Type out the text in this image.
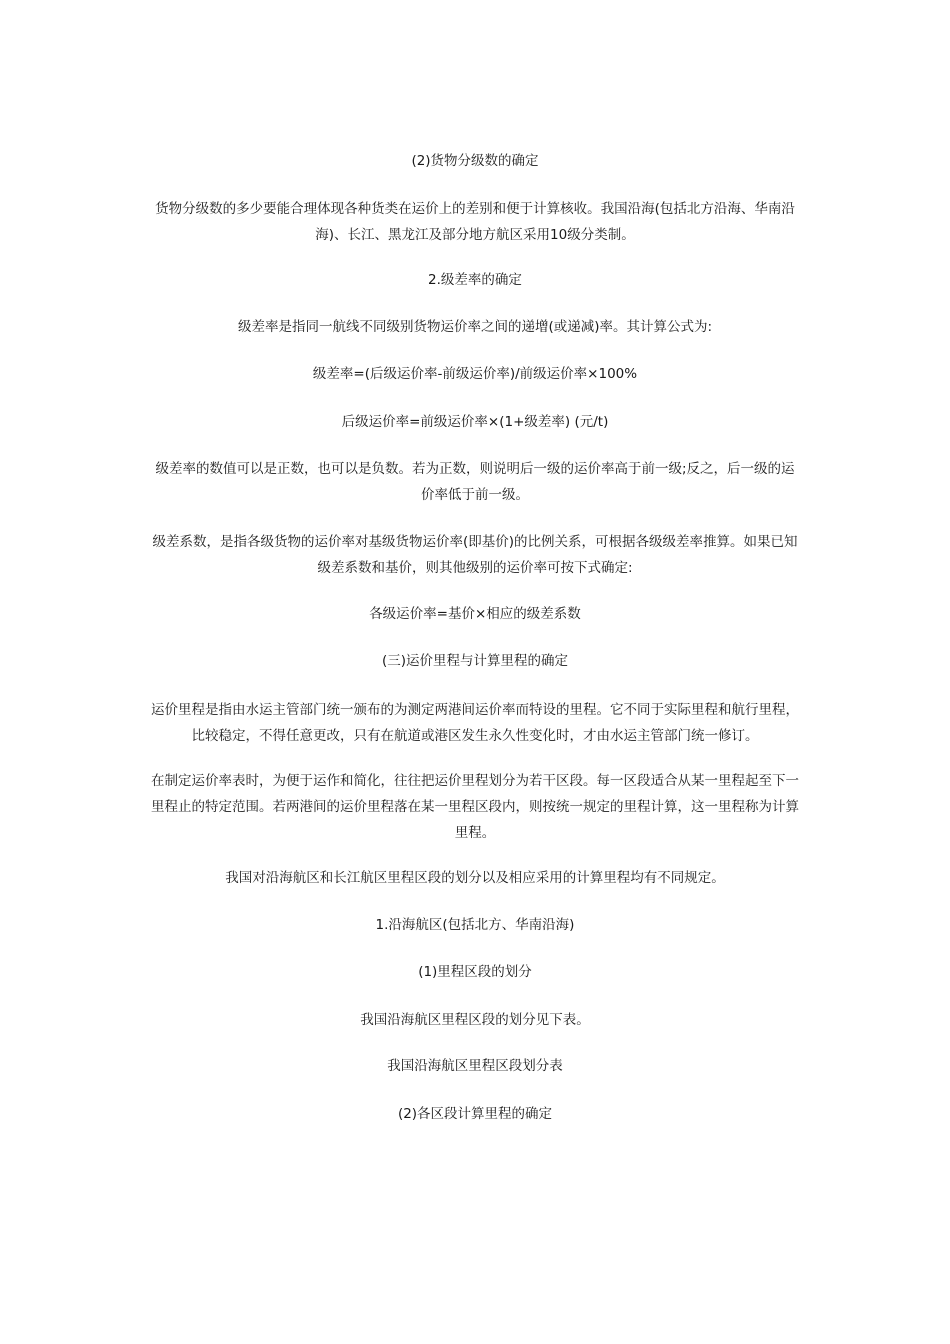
(2)货物分级数的确定

货物分级数的多少要能合理体现各种货类在运价上的差别和便于计算核收。我国沿海(包括北方沿海、华南沿海)、长江、黑龙江及部分地方航区采用10级分类制。

2.级差率的确定

级差率是指同一航线不同级别货物运价率之间的递增(或递减)率。其计算公式为:

级差率=(后级运价率-前级运价率)/前级运价率×100%

后级运价率=前级运价率×(1+级差率) (元/t)

级差率的数值可以是正数，也可以是负数。若为正数，则说明后一级的运价率高于前一级;反之，后一级的运价率低于前一级。

级差系数，是指各级货物的运价率对基级货物运价率(即基价)的比例关系，可根据各级级差率推算。如果已知级差系数和基价，则其他级别的运价率可按下式确定:

各级运价率=基价×相应的级差系数

(三)运价里程与计算里程的确定

运价里程是指由水运主管部门统一颁布的为测定两港间运价率而特设的里程。它不同于实际里程和航行里程，比较稳定，不得任意更改，只有在航道或港区发生永久性变化时，才由水运主管部门统一修订。

在制定运价率表时，为便于运作和简化，往往把运价里程划分为若干区段。每一区段适合从某一里程起至下一里程止的特定范围。若两港间的运价里程落在某一里程区段内，则按统一规定的里程计算，这一里程称为计算里程。

我国对沿海航区和长江航区里程区段的划分以及相应采用的计算里程均有不同规定。

1.沿海航区(包括北方、华南沿海)

(1)里程区段的划分

我国沿海航区里程区段的划分见下表。

我国沿海航区里程区段划分表

(2)各区段计算里程的确定
